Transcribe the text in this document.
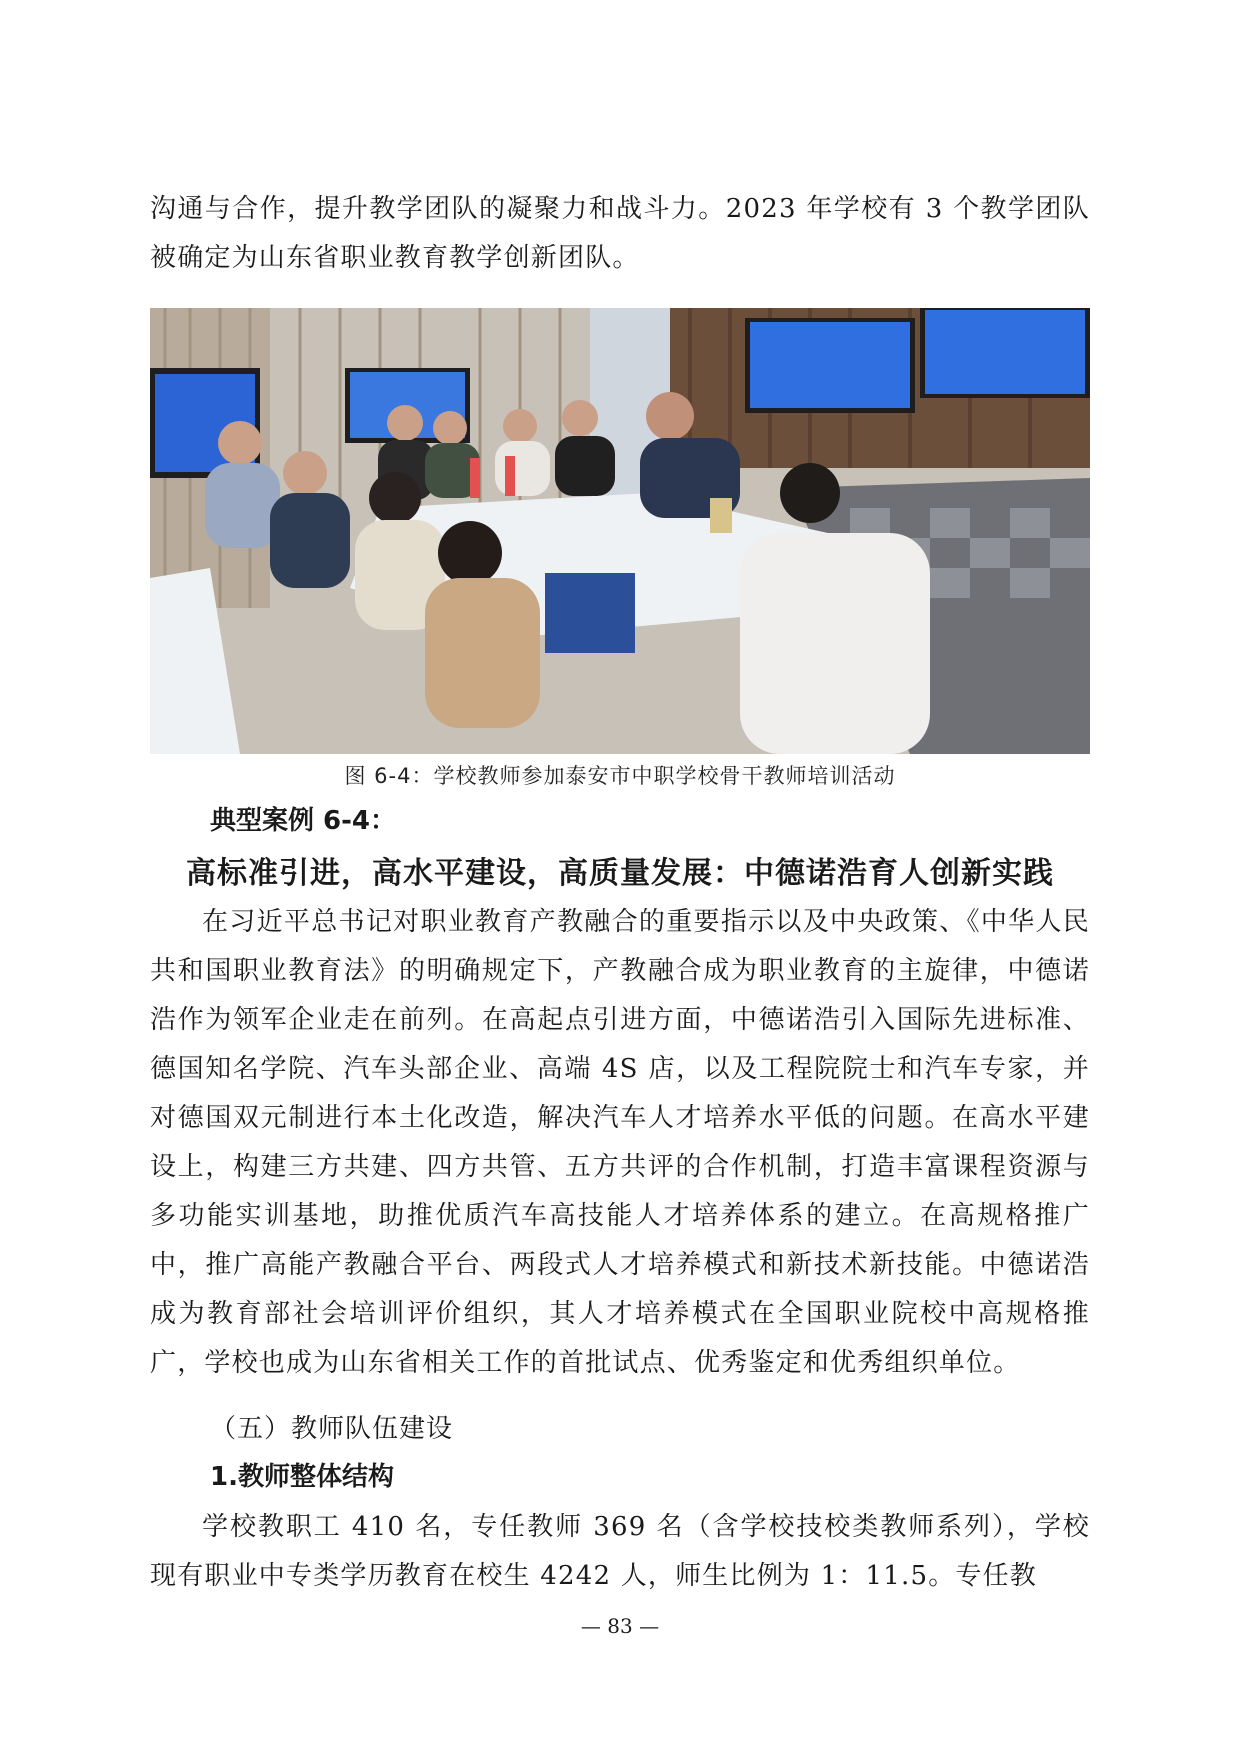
沟通与合作，提升教学团队的凝聚力和战斗力。2023 年学校有 3 个教学团队被确定为山东省职业教育教学创新团队。

图 6-4：学校教师参加泰安市中职学校骨干教师培训活动
典型案例 6-4：
高标准引进，高水平建设，高质量发展：中德诺浩育人创新实践

在习近平总书记对职业教育产教融合的重要指示以及中央政策、《中华人民共和国职业教育法》的明确规定下，产教融合成为职业教育的主旋律，中德诺浩作为领军企业走在前列。在高起点引进方面，中德诺浩引入国际先进标准、德国知名学院、汽车头部企业、高端 4S 店，以及工程院院士和汽车专家，并对德国双元制进行本土化改造，解决汽车人才培养水平低的问题。在高水平建设上，构建三方共建、四方共管、五方共评的合作机制，打造丰富课程资源与多功能实训基地，助推优质汽车高技能人才培养体系的建立。在高规格推广中，推广高能产教融合平台、两段式人才培养模式和新技术新技能。中德诺浩成为教育部社会培训评价组织，其人才培养模式在全国职业院校中高规格推广，学校也成为山东省相关工作的首批试点、优秀鉴定和优秀组织单位。

（五）教师队伍建设
1.教师整体结构

学校教职工 410 名，专任教师 369 名（含学校技校类教师系列），学校现有职业中专类学历教育在校生 4242 人，师生比例为 1：11.5。专任教

— 83 —
